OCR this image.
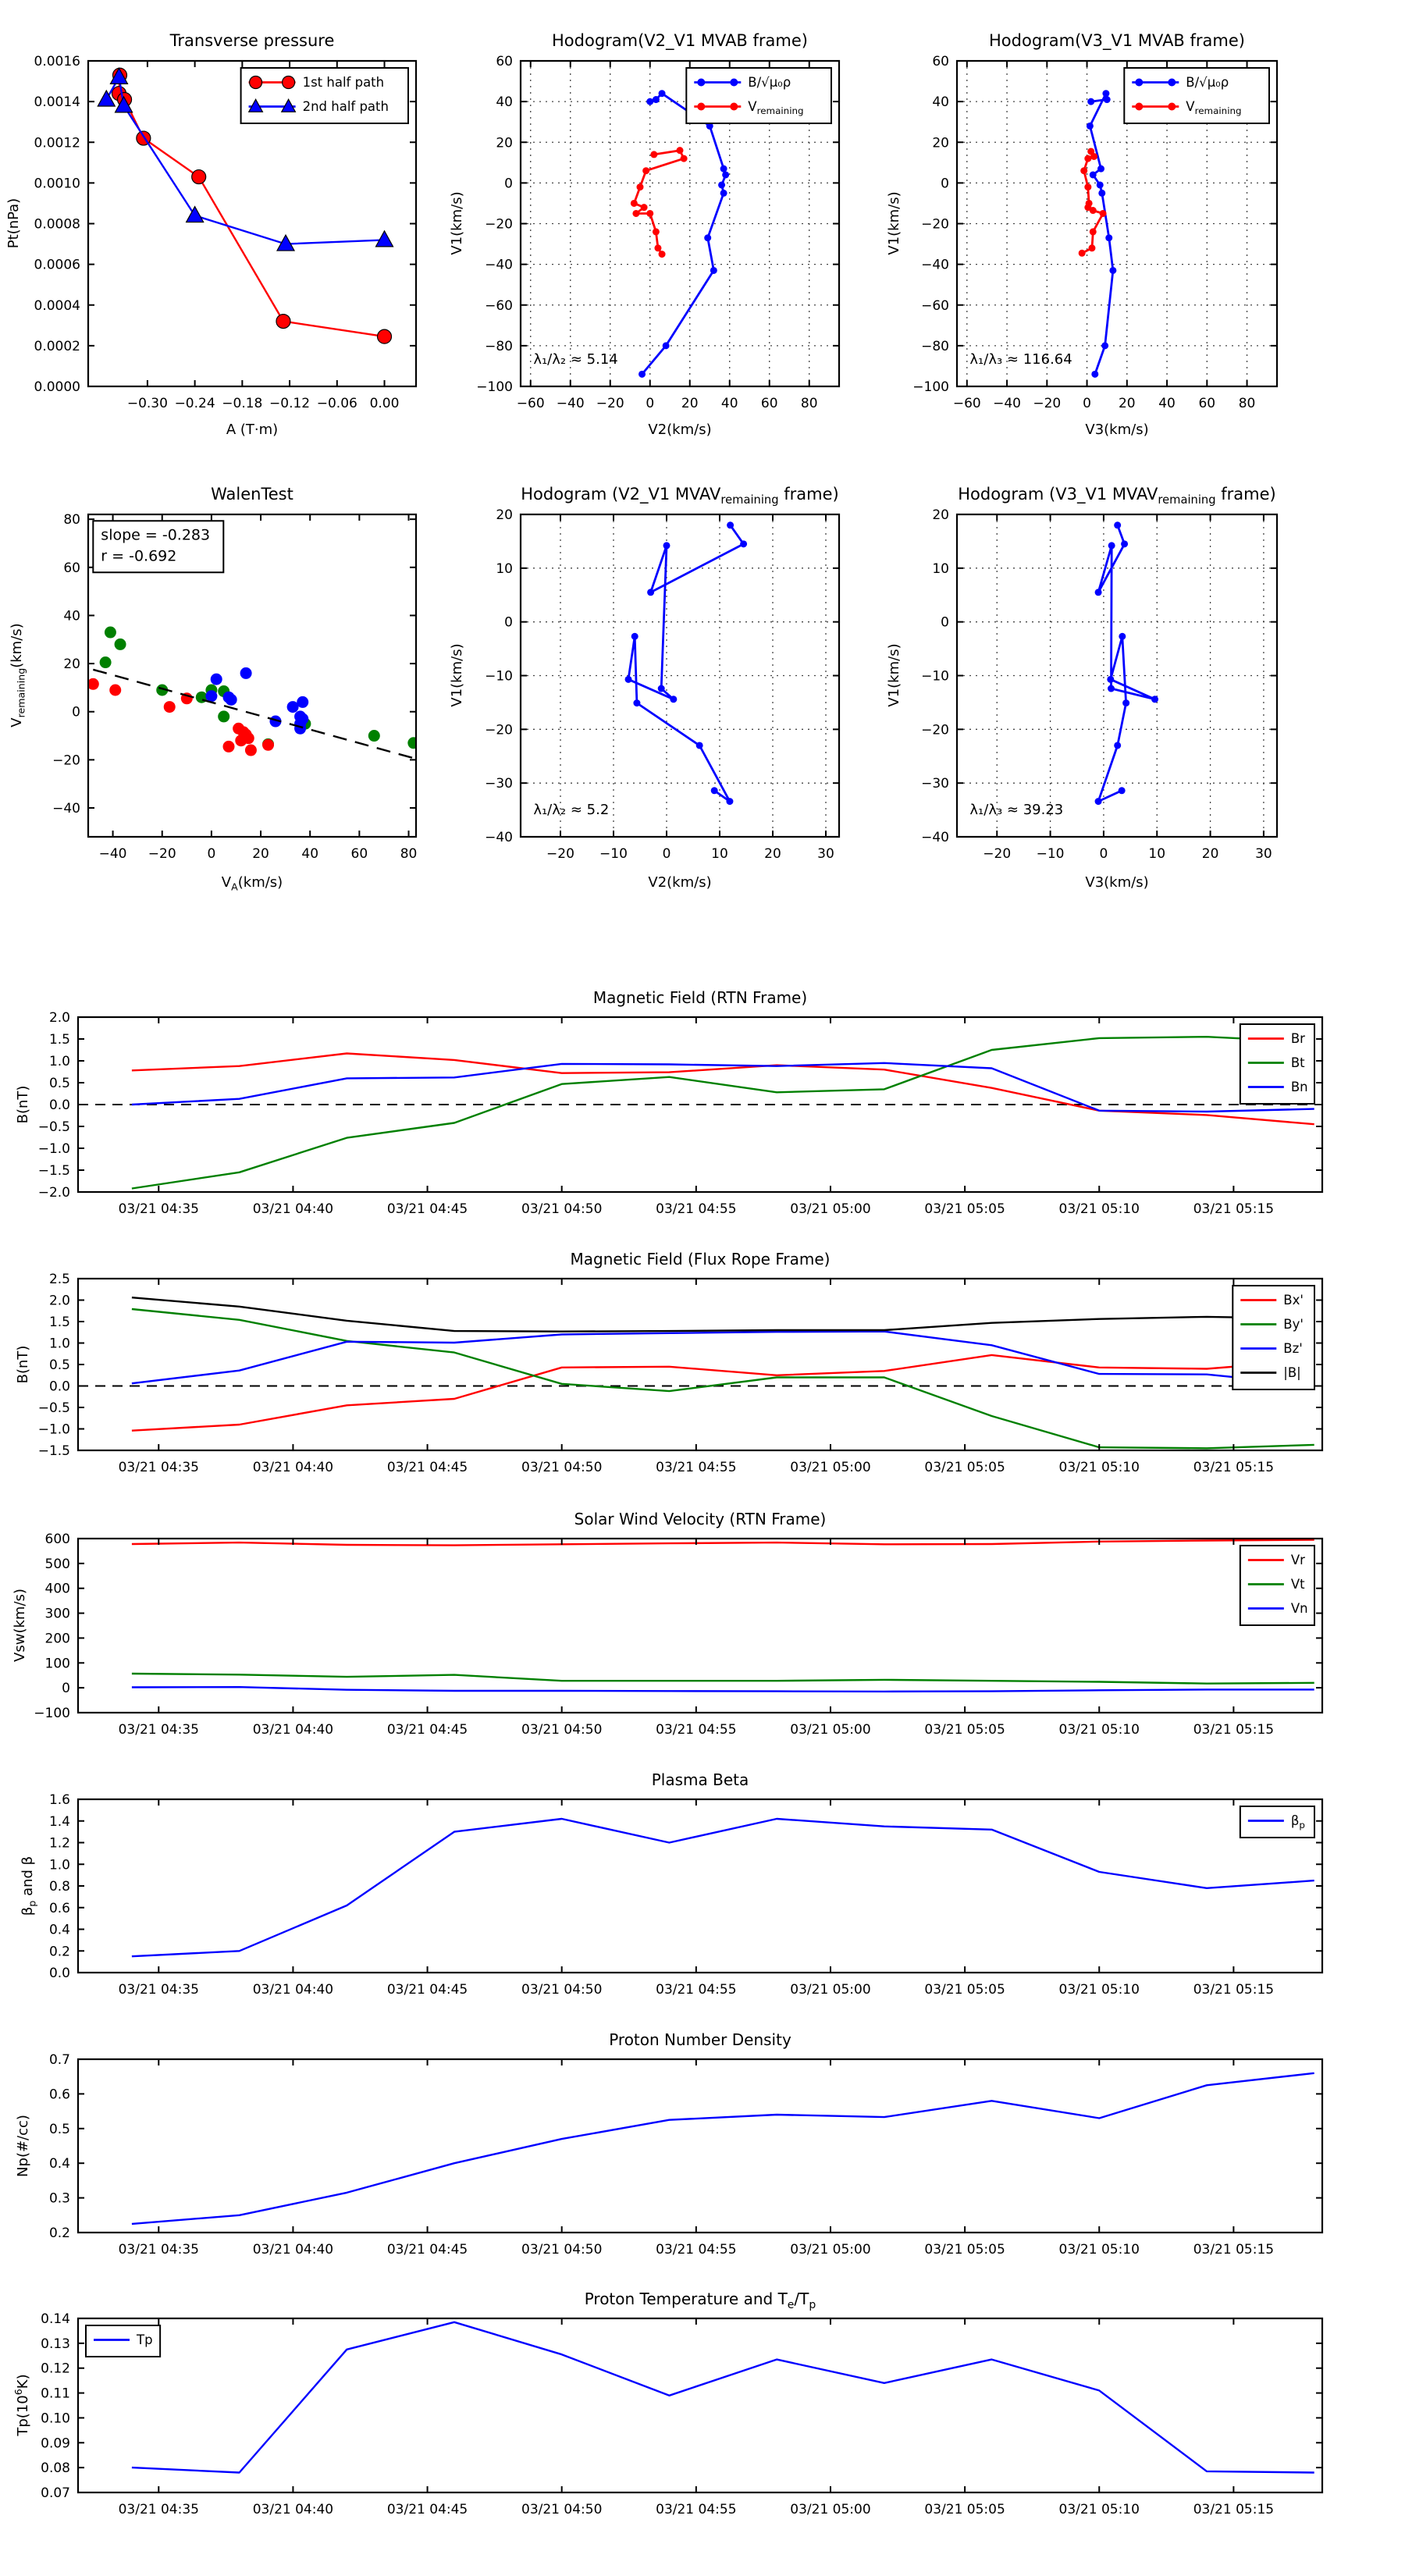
Transverse pressure	Hodogram(V2_V1 MVAB frame)	Hodogram(V3_V1 MVAB frame)
WalenTest	Hodogram (V2_V1 $MVAV_{remaining}$ frame)	Hodogram (V3_V1 $MVAV_{remaining}$ frame)
Magnetic Field (RTN Frame)
Magnetic Field (Flux Rope Frame)
Solar Wind Velocity (RTN Frame)
Plasma Beta
Proton Number Density
Proton Temperature and $T_e/T_p$
A (T·m)	V2(km/s)	V3(km/s)
$V_A(km/s)$	V2(km/s)	V3(km/s)
Pt(nPa)	V1(km/s)	V1(km/s)
$V_{remaining}(km/s)$	V1(km/s)	V1(km/s)
B(nT)
B(nT)
Vsw(km/s)
$\beta_p$ and β
Np(#/cc)
$Tp(10^6K)$
−0.30 −0.24 −0.18 −0.12 −0.06 0.00
0.0000
0.0002
0.0004
0.0006
0.0008
0.0010
0.0012
0.0014
0.0016
1st half path
2nd half path
−60 −40 −20 0 20 40 60 80
−100
−80
−60
−40
−20
0
20
40
60
λ₁/λ₂ ≈ 5.14
B/√μ₀ρ
$V_{remaining}$
−60 −40 −20 0 20 40 60 80
−100
−80
−60
−40
−20
0
20
40
60
λ₁/λ₃ ≈ 116.64
B/√μ₀ρ
$V_{remaining}$
−40 −20 0	20 40 60 80
−40
−20
0
20
40
60
80
slope = -0.283
r = -0.692
−20 −10	0	10	20	30
−40
−30
−20
−10
0
10
20
λ₁/λ₂ ≈ 5.2
−20 −10	0	10	20	30
−40
−30
−20
−10
0
10
20
λ₁/λ₃ ≈ 39.23
03/21 04:35	03/21 04:40	03/21 04:45	03/21 04:50	03/21 04:55	03/21 05:00	03/21 05:05	03/21 05:10	03/21 05:15
−2.0
−1.5
−1.0
−0.5
0.0
0.5
1.0
1.5
2.0
Br
Bt
Bn
03/21 04:35	03/21 04:40	03/21 04:45	03/21 04:50	03/21 04:55	03/21 05:00	03/21 05:05	03/21 05:10	03/21 05:15
−1.5
−1.0
−0.5
0.0
0.5
1.0
1.5
2.0
2.5
Bx'
By'
Bz'
|B|
03/21 04:35	03/21 04:40	03/21 04:45	03/21 04:50	03/21 04:55	03/21 05:00	03/21 05:05	03/21 05:10	03/21 05:15
−100
0
100
200
300
400
500
600
Vr
Vt
Vn
03/21 04:35	03/21 04:40	03/21 04:45	03/21 04:50	03/21 04:55	03/21 05:00	03/21 05:05	03/21 05:10	03/21 05:15
0.0
0.2
0.4
0.6
0.8
1.0
1.2
1.4
1.6
$\beta_p$
03/21 04:35	03/21 04:40	03/21 04:45	03/21 04:50	03/21 04:55	03/21 05:00	03/21 05:05	03/21 05:10	03/21 05:15
0.2
0.3
0.4
0.5
0.6
0.7
03/21 04:35	03/21 04:40	03/21 04:45	03/21 04:50	03/21 04:55	03/21 05:00	03/21 05:05	03/21 05:10	03/21 05:15
0.07
0.08
0.09
0.10
0.11
0.12
0.13
0.14
Tp
